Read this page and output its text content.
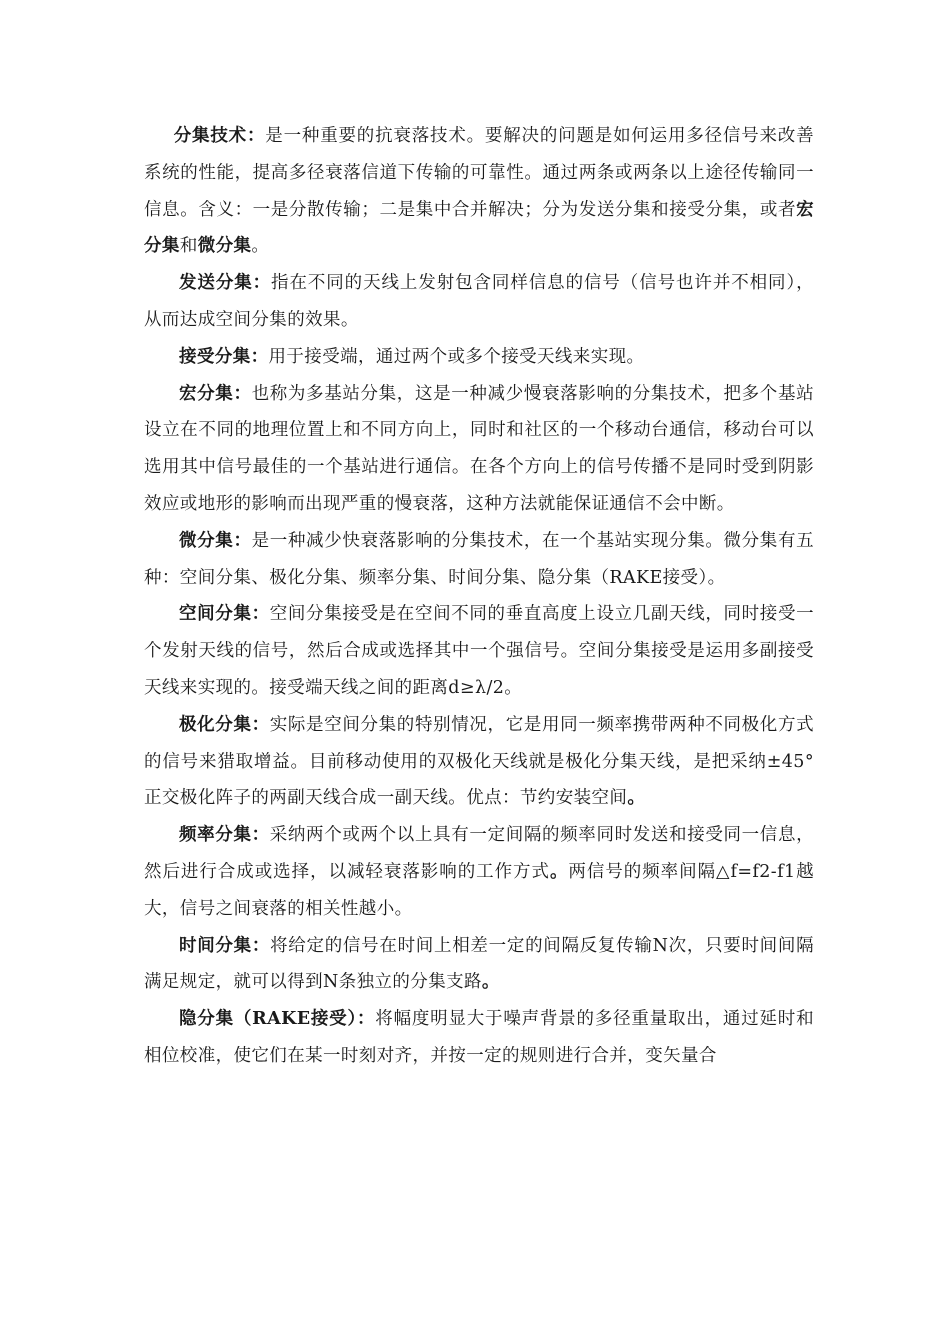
分集技术：是一种重要的抗衰落技术。要解决的问题是如何运用多径信号来改善系统的性能，提高多径衰落信道下传输的可靠性。通过两条或两条以上途径传输同一信息。含义：一是分散传输；二是集中合并解决；分为发送分集和接受分集，或者宏分集和微分集。

发送分集：指在不同的天线上发射包含同样信息的信号（信号也许并不相同），从而达成空间分集的效果。

接受分集：用于接受端，通过两个或多个接受天线来实现。

宏分集：也称为多基站分集，这是一种减少慢衰落影响的分集技术，把多个基站设立在不同的地理位置上和不同方向上，同时和社区的一个移动台通信，移动台可以选用其中信号最佳的一个基站进行通信。在各个方向上的信号传播不是同时受到阴影效应或地形的影响而出现严重的慢衰落，这种方法就能保证通信不会中断。

微分集：是一种减少快衰落影响的分集技术，在一个基站实现分集。微分集有五种：空间分集、极化分集、频率分集、时间分集、隐分集（RAKE接受）。

空间分集：空间分集接受是在空间不同的垂直高度上设立几副天线，同时接受一个发射天线的信号，然后合成或选择其中一个强信号。空间分集接受是运用多副接受天线来实现的。接受端天线之间的距离d≥λ/2。

极化分集：实际是空间分集的特别情况，它是用同一频率携带两种不同极化方式的信号来猎取增益。目前移动使用的双极化天线就是极化分集天线，是把采纳±45° 正交极化阵子的两副天线合成一副天线。优点：节约安装空间。

频率分集：采纳两个或两个以上具有一定间隔的频率同时发送和接受同一信息，然后进行合成或选择，以减轻衰落影响的工作方式。两信号的频率间隔△f=f2-f1越大，信号之间衰落的相关性越小。

时间分集：将给定的信号在时间上相差一定的间隔反复传输N次，只要时间间隔满足规定，就可以得到N条独立的分集支路。

隐分集（RAKE接受）：将幅度明显大于噪声背景的多径重量取出，通过延时和相位校准，使它们在某一时刻对齐，并按一定的规则进行合并，变矢量合
